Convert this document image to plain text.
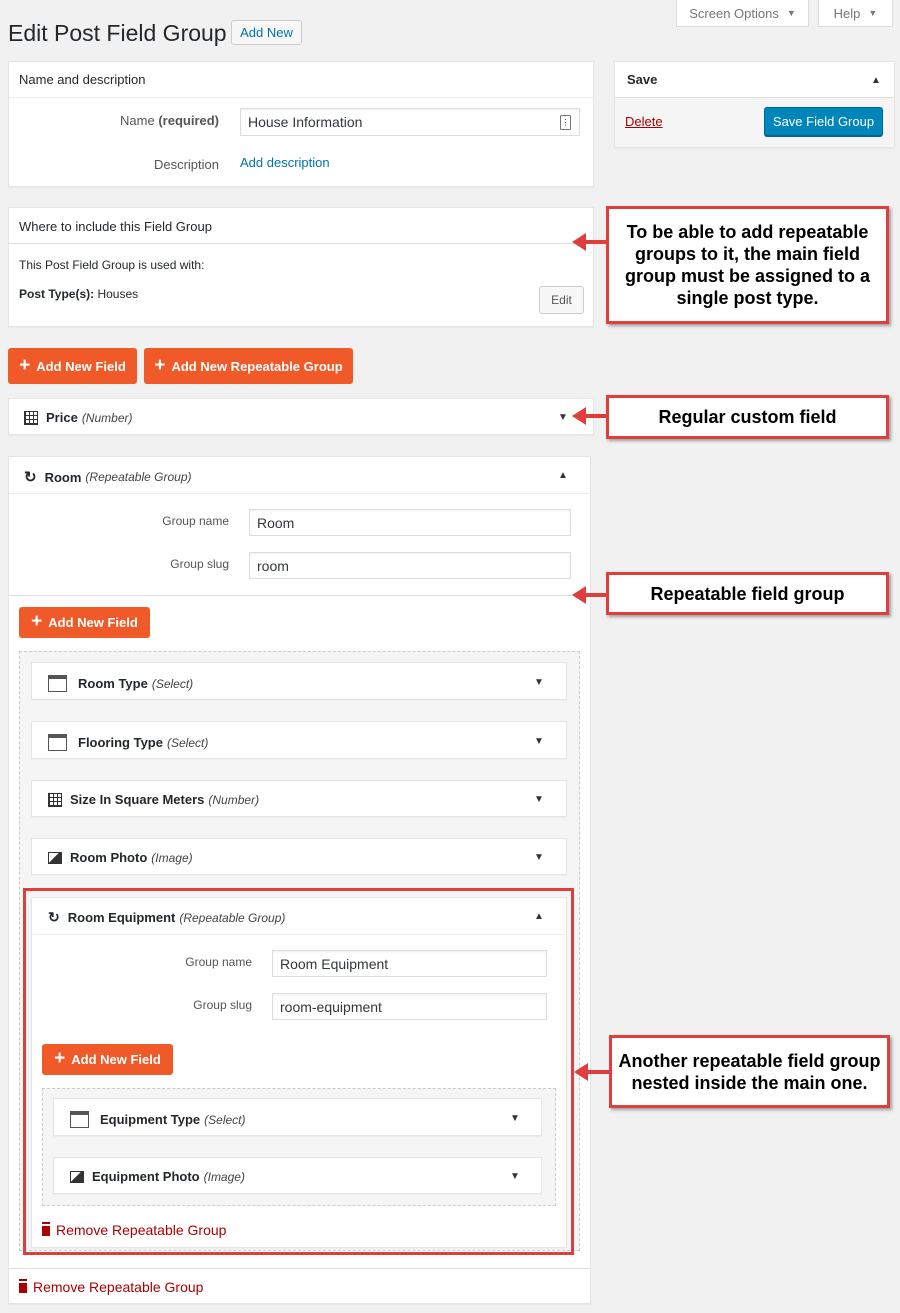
Screen Options ▼	Help ▼
Edit Post Field Group	Add New
Name and description
Name (required) House Information	⋮
Description Add description
Save	▲
Delete	Save Field Group
Where to include this Field Group
This Post Field Group is used with:
Post Type(s): Houses	Edit
To be able to add repeatable groups to it, the main field group must be assigned to a single post type.
+ Add New Field + Add New Repeatable Group
Price (Number)	▼	Regular custom field
↻ Room (Repeatable Group)	▲
Group name	Room
Group slug	room
+ Add New Field
Room Type (Select)	▼
Flooring Type (Select)	▼
Size In Square Meters (Number)	▼
Room Photo (Image)	▼
↻ Room Equipment (Repeatable Group)	▲
Group name	Room Equipment
Group slug	room-equipment
+ Add New Field
Equipment Type (Select)	▼
Equipment Photo (Image)	▼
Remove Repeatable Group
Remove Repeatable Group
Repeatable field group
Another repeatable field group nested inside the main one.
